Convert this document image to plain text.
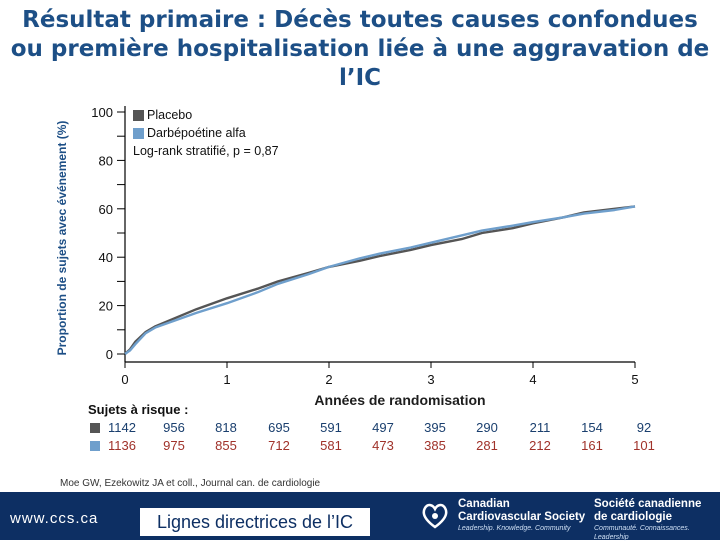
Résultat primaire : Décès toutes causes confondues
ou première hospitalisation liée à une aggravation de
l’IC
0
20
40
60
80
100
0	1	2	3	4	5
Proportion de sujets avec événement (%)
Années de randomisation
Placebo
Darbépoétine alfa
Log-rank stratifié, p = 0,87
Sujets à risque :
1142	956	818	695	591	497	395	290	211	154	92
1136	975	855	712	581	473	385	281	212	161	101
Moe GW, Ezekowitz JA et coll., Journal can. de cardiologie
www.ccs.ca	Lignes directrices de l’IC
Canadian Cardiovascular Society
Leadership. Knowledge. Community
Société canadienne de cardiologie
Communauté. Connaissances. Leadership
